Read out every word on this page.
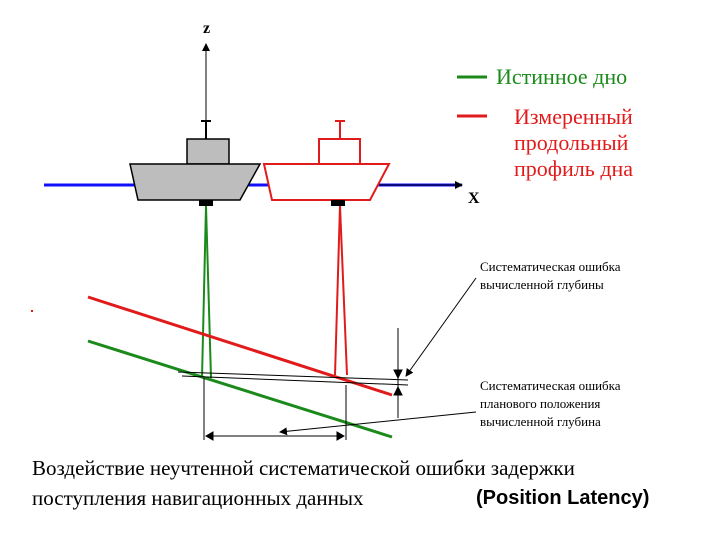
z
X
Истинное дно
Измеренный
продольный
профиль дна
Систематическая ошибка
вычисленной глубины
Систематическая ошибка
планового положения
вычисленной глубина
Воздействие неучтенной систематической ошибки задержки
поступления навигационных данных	(Position Latency)
